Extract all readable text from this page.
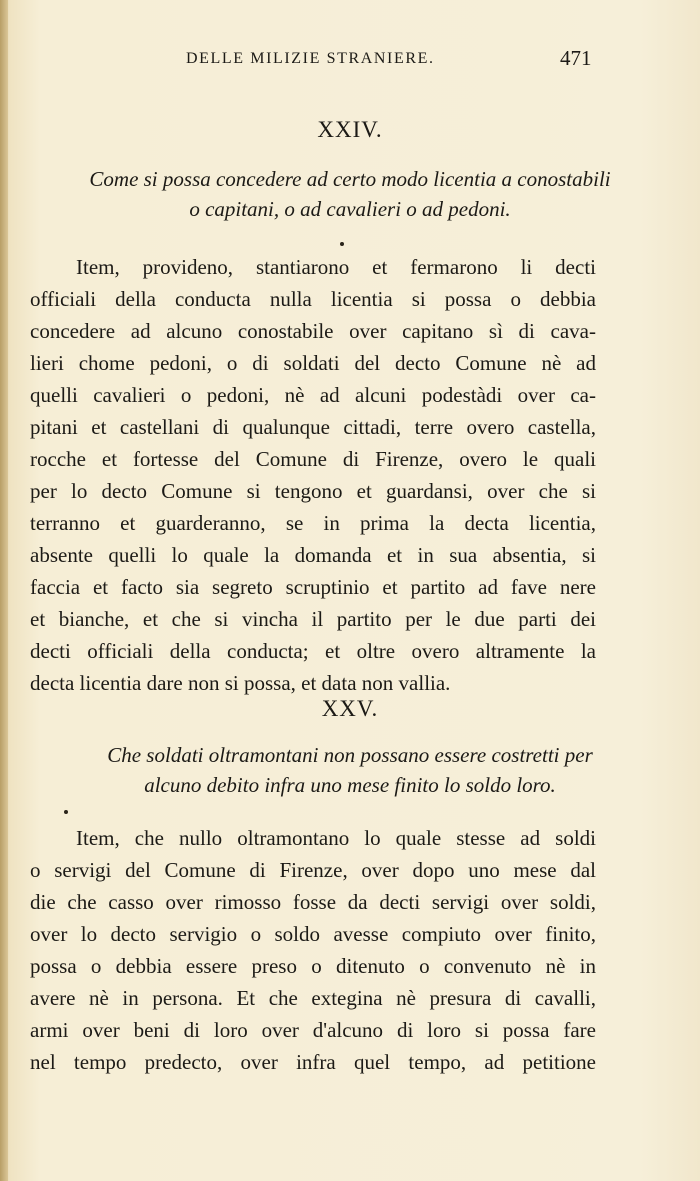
DELLE MILIZIE STRANIERE.	471
XXIV.
Come si possa concedere ad certo modo licentia a conostabili
o capitani, o ad cavalieri o ad pedoni.
Item, provideno, stantiarono et fermarono li decti
officiali della conducta nulla licentia si possa o debbia
concedere ad alcuno conostabile over capitano sì di cava-
lieri chome pedoni, o di soldati del decto Comune nè ad
quelli cavalieri o pedoni, nè ad alcuni podestàdi over ca-
pitani et castellani di qualunque cittadi, terre overo castella,
rocche et fortesse del Comune di Firenze, overo le quali
per lo decto Comune si tengono et guardansi, over che si
terranno et guarderanno, se in prima la decta licentia,
absente quelli lo quale la domanda et in sua absentia, si
faccia et facto sia segreto scruptinio et partito ad fave nere
et bianche, et che si vincha il partito per le due parti dei
decti officiali della conducta; et oltre overo altramente la
decta licentia dare non si possa, et data non vallia.
XXV.
Che soldati oltramontani non possano essere costretti per
alcuno debito infra uno mese finito lo soldo loro.
Item, che nullo oltramontano lo quale stesse ad soldi
o servigi del Comune di Firenze, over dopo uno mese dal
die che casso over rimosso fosse da decti servigi over soldi,
over lo decto servigio o soldo avesse compiuto over finito,
possa o debbia essere preso o ditenuto o convenuto nè in
avere nè in persona. Et che extegina nè presura di cavalli,
armi over beni di loro over d'alcuno di loro si possa fare
nel tempo predecto, over infra quel tempo, ad petitione
